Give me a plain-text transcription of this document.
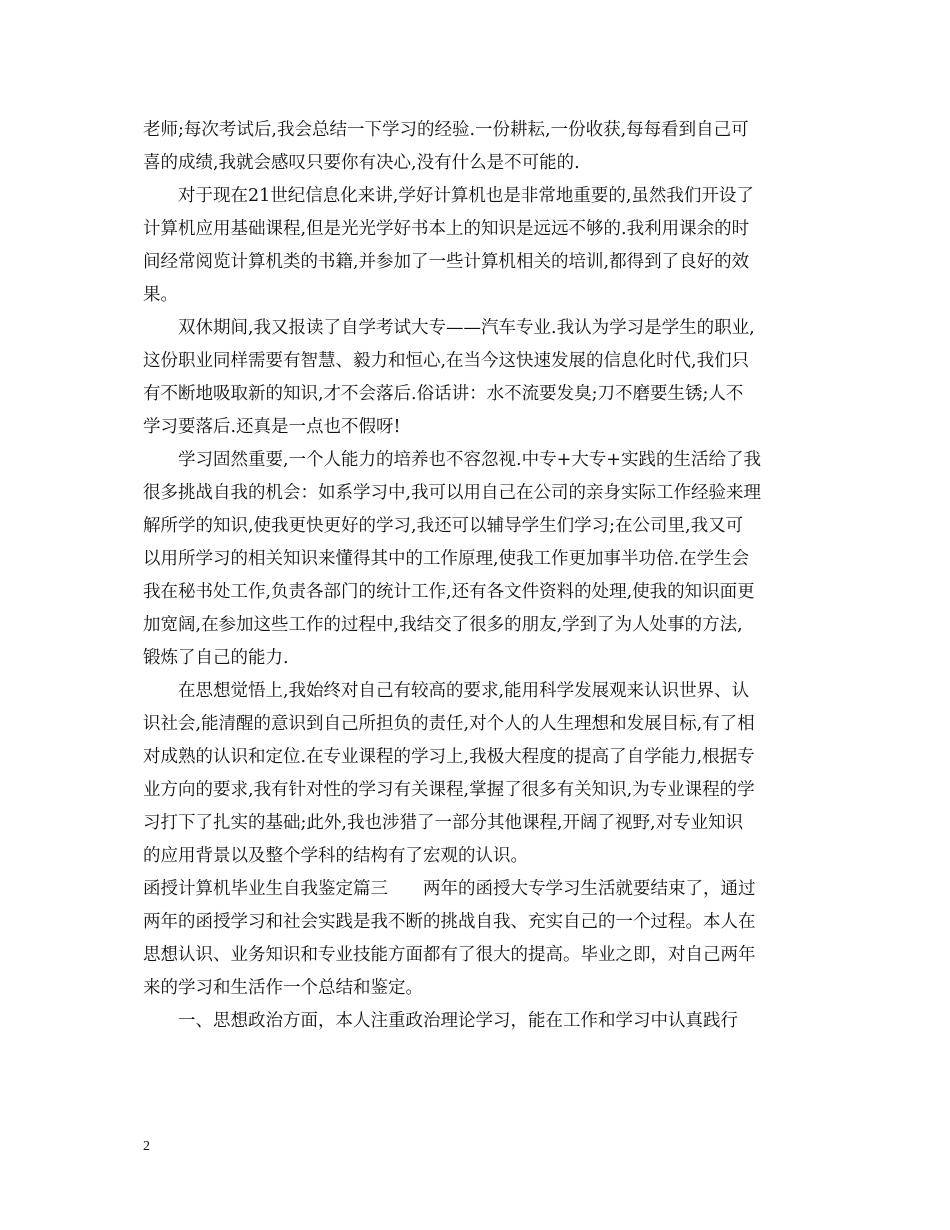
老师;每次考试后,我会总结一下学习的经验.一份耕耘,一份收获,每每看到自己可
喜的成绩,我就会感叹只要你有决心,没有什么是不可能的.
对于现在21世纪信息化来讲,学好计算机也是非常地重要的,虽然我们开设了
计算机应用基础课程,但是光光学好书本上的知识是远远不够的.我利用课余的时
间经常阅览计算机类的书籍,并参加了一些计算机相关的培训,都得到了良好的效
果。
双休期间,我又报读了自学考试大专——汽车专业.我认为学习是学生的职业,
这份职业同样需要有智慧、毅力和恒心,在当今这快速发展的信息化时代,我们只
有不断地吸取新的知识,才不会落后.俗话讲：水不流要发臭;刀不磨要生锈;人不
学习要落后.还真是一点也不假呀!
学习固然重要,一个人能力的培养也不容忽视.中专+大专+实践的生活给了我
很多挑战自我的机会：如系学习中,我可以用自己在公司的亲身实际工作经验来理
解所学的知识,使我更快更好的学习,我还可以辅导学生们学习;在公司里,我又可
以用所学习的相关知识来懂得其中的工作原理,使我工作更加事半功倍.在学生会
我在秘书处工作,负责各部门的统计工作,还有各文件资料的处理,使我的知识面更
加宽阔,在参加这些工作的过程中,我结交了很多的朋友,学到了为人处事的方法,
锻炼了自己的能力.
在思想觉悟上,我始终对自己有较高的要求,能用科学发展观来认识世界、认
识社会,能清醒的意识到自己所担负的责任,对个人的人生理想和发展目标,有了相
对成熟的认识和定位.在专业课程的学习上,我极大程度的提高了自学能力,根据专
业方向的要求,我有针对性的学习有关课程,掌握了很多有关知识,为专业课程的学
习打下了扎实的基础;此外,我也涉猎了一部分其他课程,开阔了视野,对专业知识
的应用背景以及整个学科的结构有了宏观的认识。
函授计算机毕业生自我鉴定篇三　　两年的函授大专学习生活就要结束了，通过
两年的函授学习和社会实践是我不断的挑战自我、充实自己的一个过程。本人在
思想认识、业务知识和专业技能方面都有了很大的提高。毕业之即，对自己两年
来的学习和生活作一个总结和鉴定。
一、思想政治方面，本人注重政治理论学习，能在工作和学习中认真践行
2
